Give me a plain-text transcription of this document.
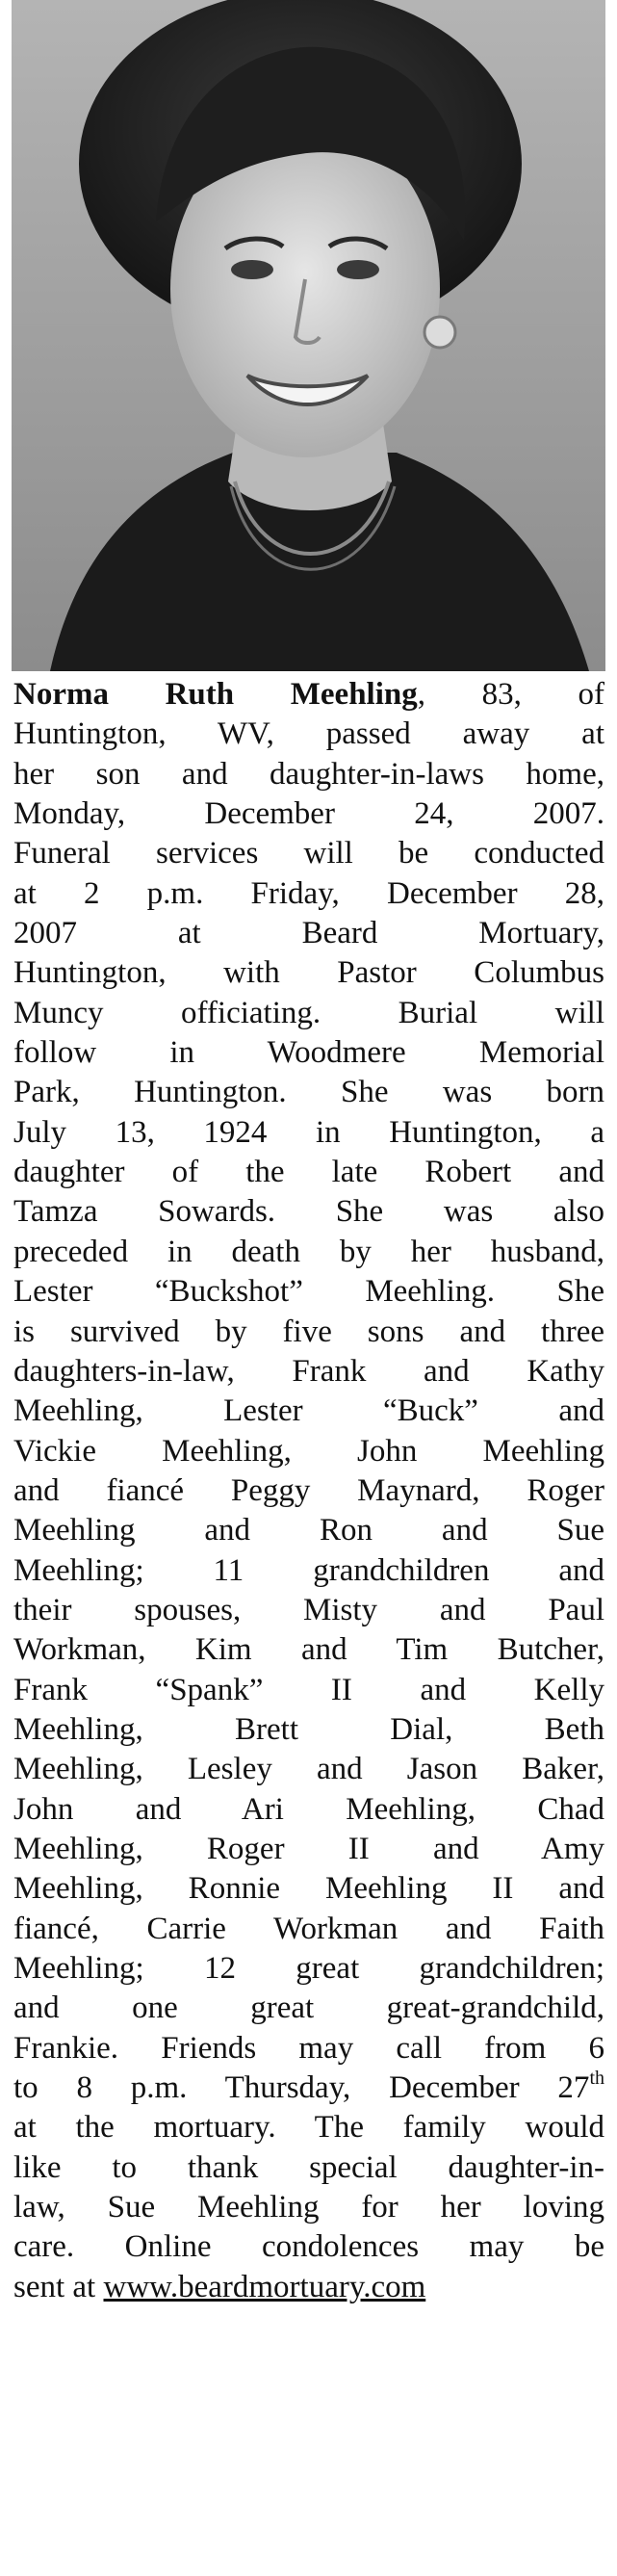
Norma Ruth Meehling, 83, of
Huntington, WV, passed away at
her son and daughter-in-laws home,
Monday, December 24, 2007.
Funeral services will be conducted
at 2 p.m. Friday, December 28,
2007 at Beard Mortuary,
Huntington, with Pastor Columbus
Muncy officiating. Burial will
follow in Woodmere Memorial
Park, Huntington. She was born
July 13, 1924 in Huntington, a
daughter of the late Robert and
Tamza Sowards. She was also
preceded in death by her husband,
Lester “Buckshot” Meehling. She
is survived by five sons and three
daughters-in-law, Frank and Kathy
Meehling, Lester “Buck” and
Vickie Meehling, John Meehling
and fiancé Peggy Maynard, Roger
Meehling and Ron and Sue
Meehling; 11 grandchildren and
their spouses, Misty and Paul
Workman, Kim and Tim Butcher,
Frank “Spank” II and Kelly
Meehling, Brett Dial, Beth
Meehling, Lesley and Jason Baker,
John and Ari Meehling, Chad
Meehling, Roger II and Amy
Meehling, Ronnie Meehling II and
fiancé, Carrie Workman and Faith
Meehling; 12 great grandchildren;
and one great great-grandchild,
Frankie. Friends may call from 6
to 8 p.m. Thursday, December 27th
at the mortuary. The family would
like to thank special daughter-in-
law, Sue Meehling for her loving
care. Online condolences may be
sent at www.beardmortuary.com
